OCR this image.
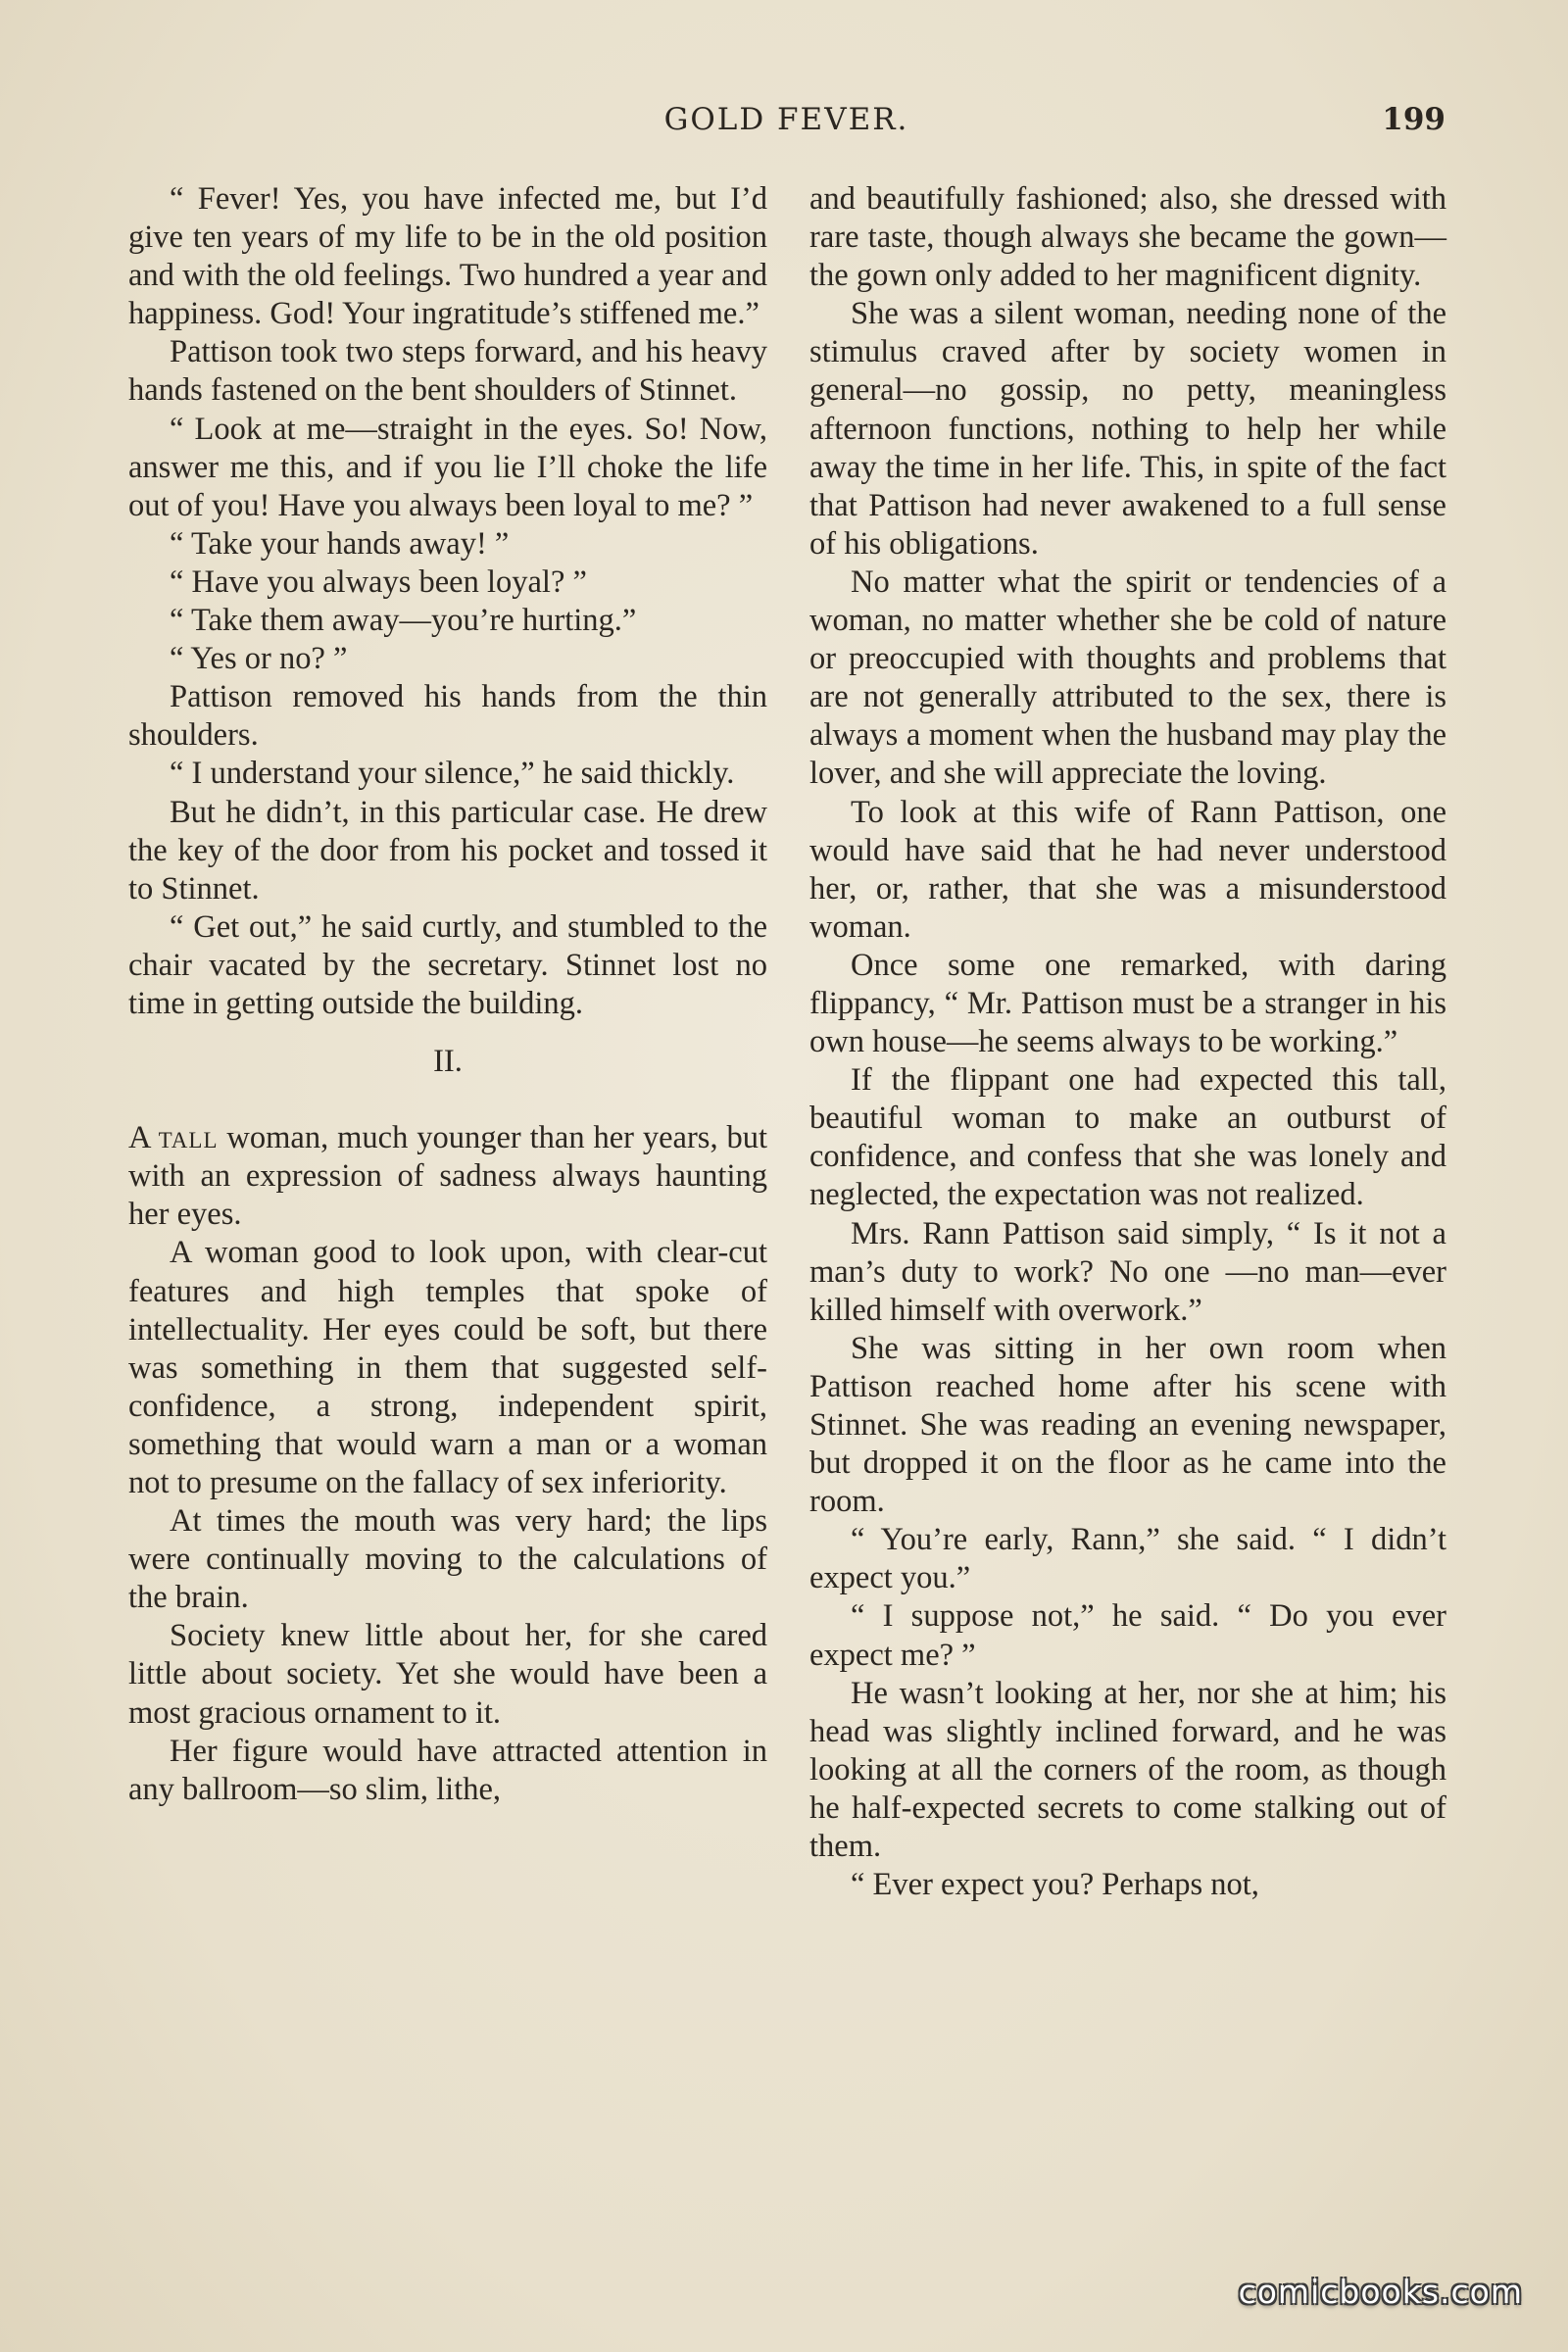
GOLD FEVER.	199

“ Fever! Yes, you have infected me, but I’d give ten years of my life to be in the old position and with the old feelings. Two hundred a year and happiness. God! Your ingratitude’s stiffened me.”

Pattison took two steps forward, and his heavy hands fastened on the bent shoulders of Stinnet.

“ Look at me—straight in the eyes. So! Now, answer me this, and if you lie I’ll choke the life out of you! Have you always been loyal to me? ”

“ Take your hands away! ”

“ Have you always been loyal? ”

“ Take them away—you’re hurting.”

“ Yes or no? ”

Pattison removed his hands from the thin shoulders.

“ I understand your silence,” he said thickly.

But he didn’t, in this particular case. He drew the key of the door from his pocket and tossed it to Stinnet.

“ Get out,” he said curtly, and stumbled to the chair vacated by the secretary. Stinnet lost no time in getting outside the building.

II.

A tall woman, much younger than her years, but with an expression of sadness always haunting her eyes.

A woman good to look upon, with clear-cut features and high temples that spoke of intellectuality. Her eyes could be soft, but there was something in them that suggested self-confidence, a strong, independent spirit, something that would warn a man or a woman not to presume on the fallacy of sex inferiority.

At times the mouth was very hard; the lips were continually moving to the calculations of the brain.

Society knew little about her, for she cared little about society. Yet she would have been a most gracious ornament to it.

Her figure would have attracted attention in any ballroom—so slim, lithe,

and beautifully fashioned; also, she dressed with rare taste, though always she became the gown—the gown only added to her magnificent dignity.

She was a silent woman, needing none of the stimulus craved after by society women in general—no gossip, no petty, meaningless afternoon functions, nothing to help her while away the time in her life. This, in spite of the fact that Pattison had never awakened to a full sense of his obligations.

No matter what the spirit or tendencies of a woman, no matter whether she be cold of nature or preoccupied with thoughts and problems that are not generally attributed to the sex, there is always a moment when the husband may play the lover, and she will appreciate the loving.

To look at this wife of Rann Pattison, one would have said that he had never understood her, or, rather, that she was a misunderstood woman.

Once some one remarked, with daring flippancy, “ Mr. Pattison must be a stranger in his own house—he seems always to be working.”

If the flippant one had expected this tall, beautiful woman to make an outburst of confidence, and confess that she was lonely and neglected, the expectation was not realized.

Mrs. Rann Pattison said simply, “ Is it not a man’s duty to work? No one —no man—ever killed himself with overwork.”

She was sitting in her own room when Pattison reached home after his scene with Stinnet. She was reading an evening newspaper, but dropped it on the floor as he came into the room.

“ You’re early, Rann,” she said. “ I didn’t expect you.”

“ I suppose not,” he said. “ Do you ever expect me? ”

He wasn’t looking at her, nor she at him; his head was slightly inclined forward, and he was looking at all the corners of the room, as though he half-expected secrets to come stalking out of them.

“ Ever expect you? Perhaps not,

comicbooks.com
